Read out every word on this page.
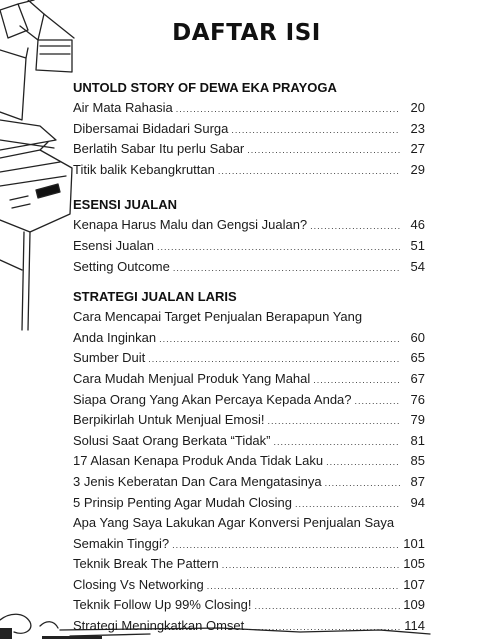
DAFTAR ISI
UNTOLD STORY OF DEWA EKA PRAYOGA
Air Mata Rahasia .....	20
Dibersamai Bidadari Surga .....	23
Berlatih Sabar Itu perlu Sabar .....	27
Titik balik Kebangkruttan .....	29
ESENSI JUALAN
Kenapa Harus Malu dan Gengsi Jualan? .....	46
Esensi Jualan .....	51
Setting Outcome .....	54
STRATEGI JUALAN LARIS
Cara Mencapai Target Penjualan Berapapun Yang
Anda Inginkan .....	60
Sumber Duit .....	65
Cara Mudah Menjual Produk Yang Mahal .....	67
Siapa Orang Yang Akan Percaya Kepada Anda? .....	76
Berpikirlah Untuk Menjual Emosi! .....	79
Solusi Saat Orang Berkata “Tidak” .....	81
17 Alasan Kenapa Produk Anda Tidak Laku .....	85
3 Jenis Keberatan Dan Cara Mengatasinya .....	87
5 Prinsip Penting Agar Mudah Closing .....	94
Apa Yang Saya Lakukan Agar Konversi Penjualan Saya
Semakin Tinggi? .....	101
Teknik Break The Pattern .....	105
Closing Vs Networking .....	107
Teknik Follow Up 99% Closing! .....	109
Strategi Meningkatkan Omset .....	114
